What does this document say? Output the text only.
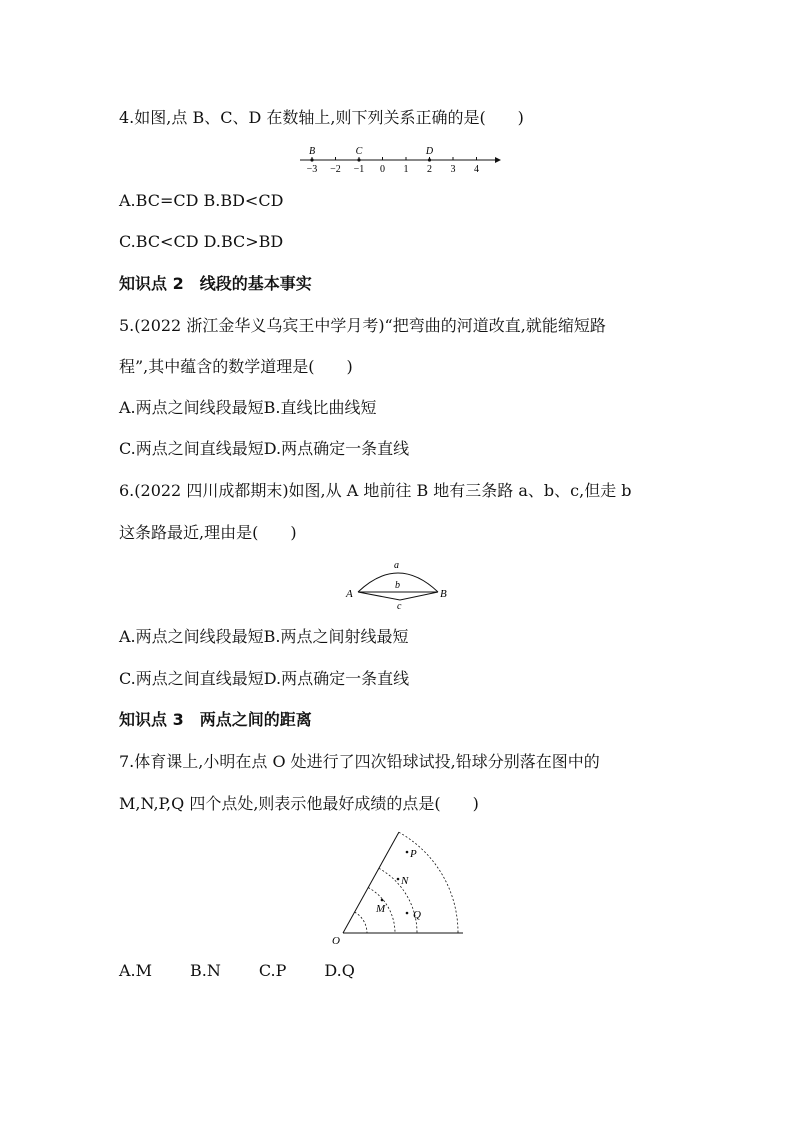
4.如图,点 B、C、D 在数轴上,则下列关系正确的是(　　)
−3 −2 −1 0 1 2 3 4
B	C	D
A.BC=CD B.BD<CD
C.BC<CD D.BC>BD
知识点 2　线段的基本事实
5.(2022 浙江金华义乌宾王中学月考)“把弯曲的河道改直,就能缩短路
程”,其中蕴含的数学道理是(　　)
A.两点之间线段最短B.直线比曲线短
C.两点之间直线最短D.两点确定一条直线
6.(2022 四川成都期末)如图,从 A 地前往 B 地有三条路 a、b、c,但走 b
这条路最近,理由是(　　)
A	B
a
b
c
A.两点之间线段最短B.两点之间射线最短
C.两点之间直线最短D.两点确定一条直线
知识点 3　两点之间的距离
7.体育课上,小明在点 O 处进行了四次铅球试投,铅球分别落在图中的
M,N,P,Q 四个点处,则表示他最好成绩的点是(　　)
P
N
M	Q
O
A.M B.N C.P D.Q
